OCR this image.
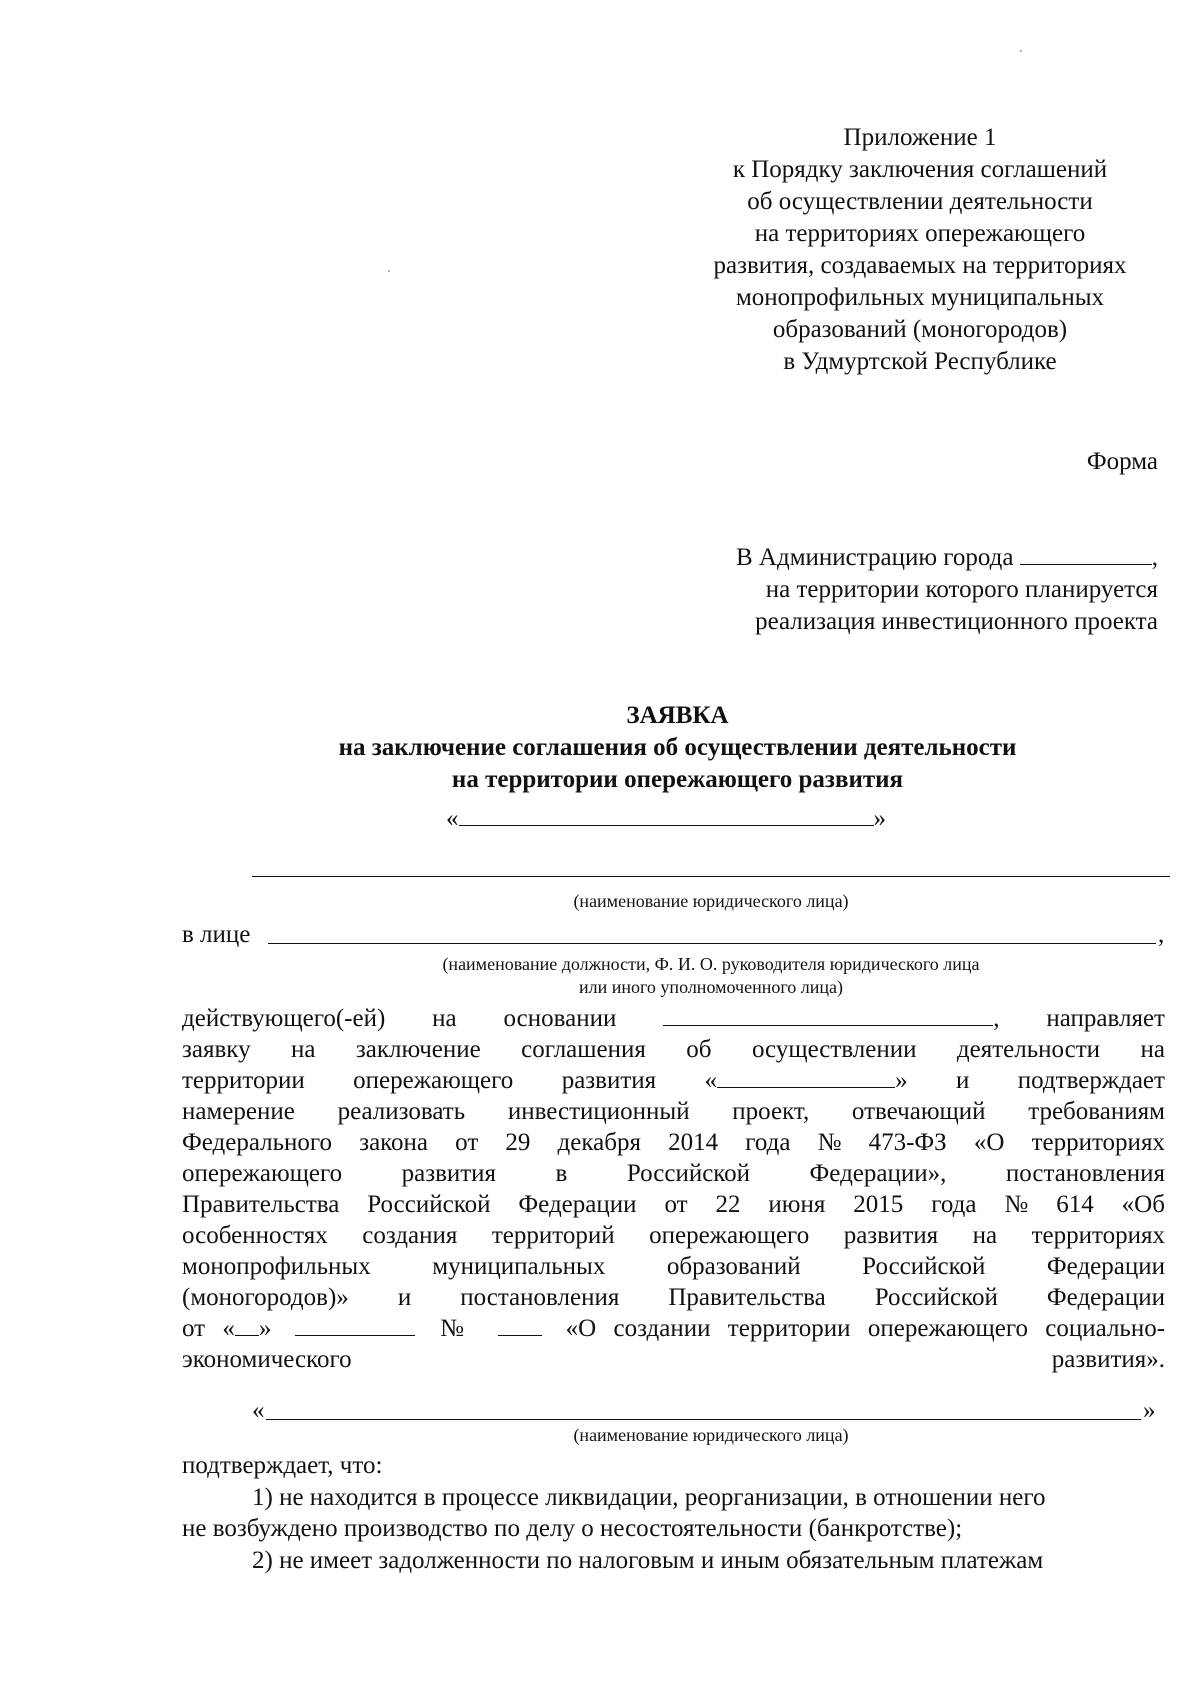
Приложение 1
к Порядку заключения соглашений
об осуществлении деятельности
на территориях опережающего
развития, создаваемых на территориях
монопрофильных муниципальных
образований (моногородов)
в Удмуртской Республике
Форма
В Администрацию города	,
на территории которого планируется
реализация инвестиционного проекта
ЗАЯВКА
на заключение соглашения об осуществлении деятельности
на территории опережающего развития
«	»
(наименование юридического лица)
в лице	,
(наименование должности, Ф. И. О. руководителя юридического лица
или иного уполномоченного лица)
действующего(-ей) на основании	, направляет
заявку на заключение соглашения об осуществлении деятельности на
территории опережающего развития «	» и подтверждает
намерение реализовать инвестиционный проект, отвечающий требованиям
Федерального закона от 29 декабря 2014 года № 473-ФЗ «О территориях
опережающего развития в Российской Федерации», постановления
Правительства Российской Федерации от 22 июня 2015 года № 614 «Об
особенностях создания территорий опережающего развития на территориях
монопрофильных муниципальных образований Российской Федерации
(моногородов)» и постановления Правительства Российской Федерации
от « »	№	«О создании территории опережающего социально-
экономического развития».
«	»
(наименование юридического лица)
подтверждает, что:
1) не находится в процессе ликвидации, реорганизации, в отношении него
не возбуждено производство по делу о несостоятельности (банкротстве);
2) не имеет задолженности по налоговым и иным обязательным платежам
